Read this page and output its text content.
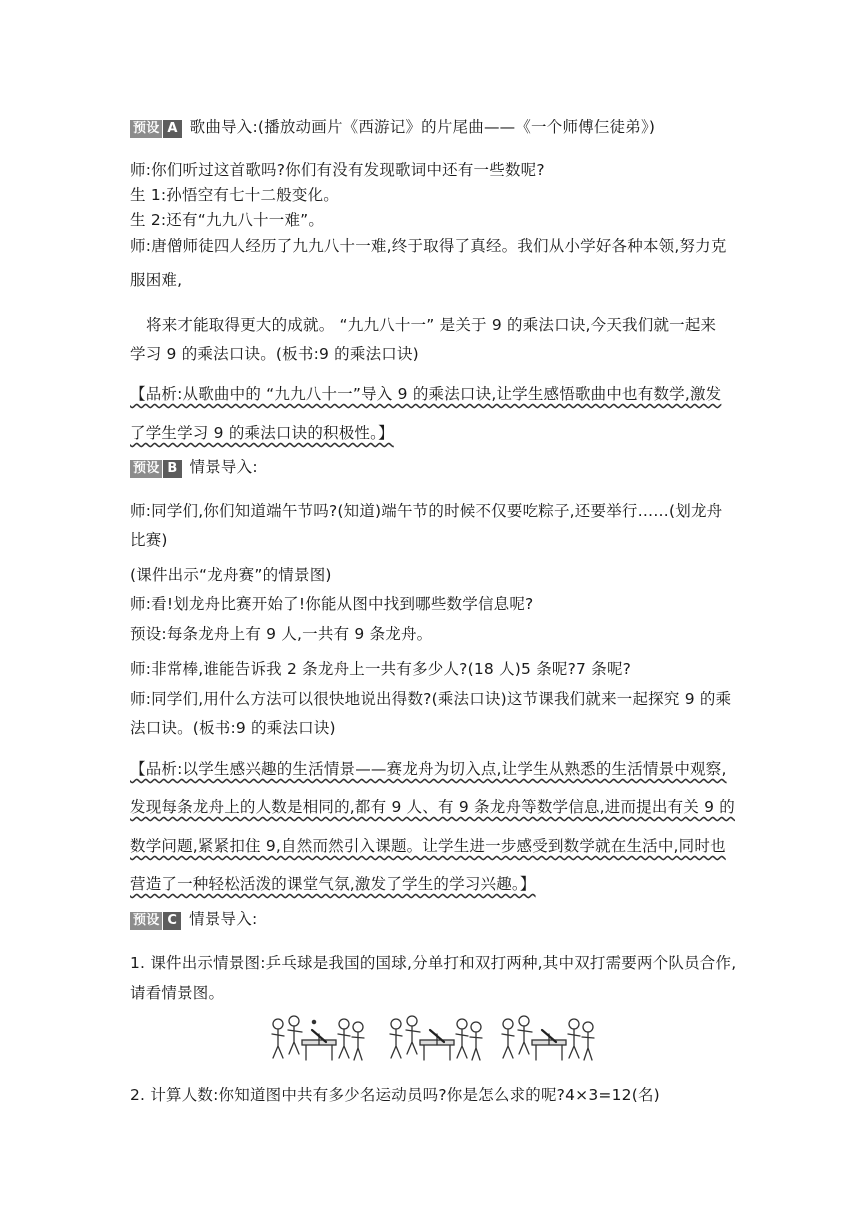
预设 A 歌曲导入:(播放动画片《西游记》的片尾曲——《一个师傅仨徒弟》)
师:你们听过这首歌吗?你们有没有发现歌词中还有一些数呢?
生 1:孙悟空有七十二般变化。
生 2:还有“九九八十一难”。
师:唐僧师徒四人经历了九九八十一难,终于取得了真经。我们从小学好各种本领,努力克
服困难,
将来才能取得更大的成就。 “九九八十一” 是关于 9 的乘法口诀,今天我们就一起来
学习 9 的乘法口诀。(板书:9 的乘法口诀)
【品析:从歌曲中的 “九九八十一”导入 9 的乘法口诀,让学生感悟歌曲中也有数学,激发
了学生学习 9 的乘法口诀的积极性。】
预设 B 情景导入:
师:同学们,你们知道端午节吗?(知道)端午节的时候不仅要吃粽子,还要举行……(划龙舟
比赛)
(课件出示“龙舟赛”的情景图)
师:看!划龙舟比赛开始了!你能从图中找到哪些数学信息呢?
预设:每条龙舟上有 9 人,一共有 9 条龙舟。
师:非常棒,谁能告诉我 2 条龙舟上一共有多少人?(18 人)5 条呢?7 条呢?
师:同学们,用什么方法可以很快地说出得数?(乘法口诀)这节课我们就来一起探究 9 的乘
法口诀。(板书:9 的乘法口诀)
【品析:以学生感兴趣的生活情景——赛龙舟为切入点,让学生从熟悉的生活情景中观察,
发现每条龙舟上的人数是相同的,都有 9 人、有 9 条龙舟等数学信息,进而提出有关 9 的
数学问题,紧紧扣住 9,自然而然引入课题。让学生进一步感受到数学就在生活中,同时也
营造了一种轻松活泼的课堂气氛,激发了学生的学习兴趣。】
预设 C 情景导入:
1. 课件出示情景图:乒乓球是我国的国球,分单打和双打两种,其中双打需要两个队员合作,
请看情景图。
2. 计算人数:你知道图中共有多少名运动员吗?你是怎么求的呢?4×3=12(名)
